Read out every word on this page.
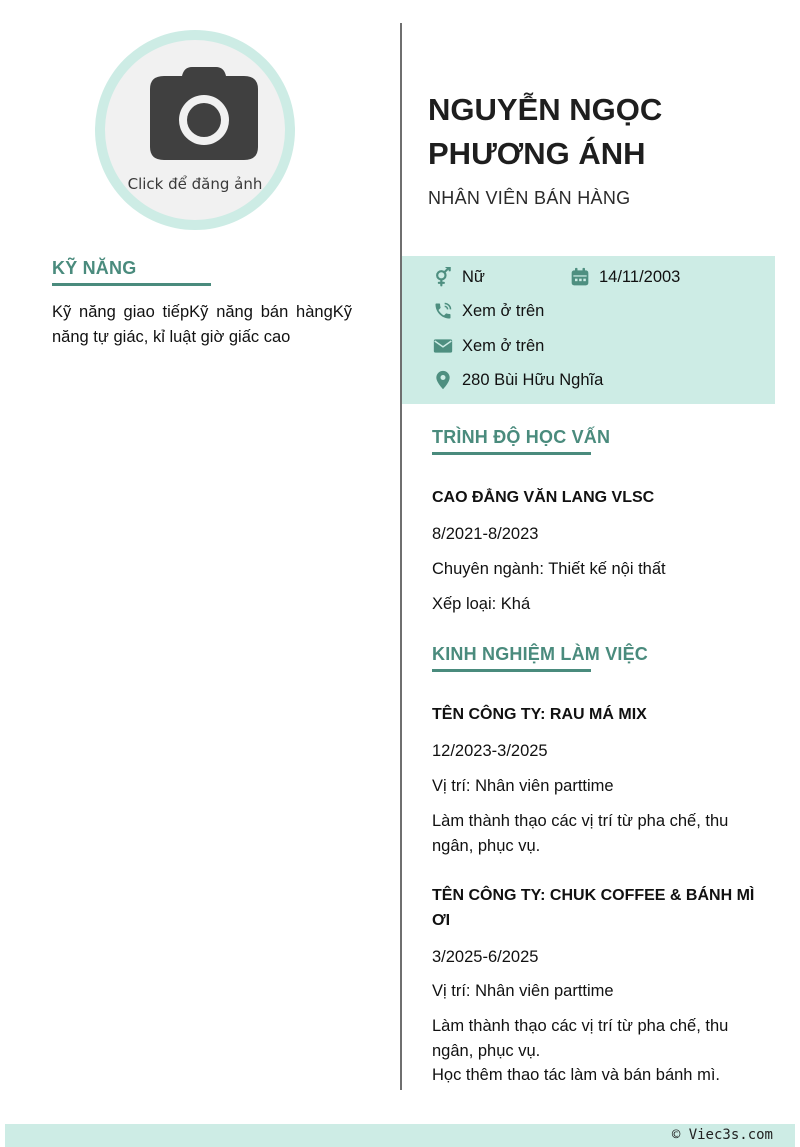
Click để đăng ảnh
KỸ NĂNG
Kỹ năng giao tiếpKỹ năng bán hàngKỹ năng tự giác, kỉ luật giờ giấc cao
NGUYỄN NGỌC PHƯƠNG ÁNH
NHÂN VIÊN BÁN HÀNG
Nữ	14/11/2003
Xem ở trên
Xem ở trên
280 Bùi Hữu Nghĩa
TRÌNH ĐỘ HỌC VẤN
CAO ĐẲNG VĂN LANG VLSC
8/2021-8/2023
Chuyên ngành: Thiết kế nội thất
Xếp loại: Khá
KINH NGHIỆM LÀM VIỆC
TÊN CÔNG TY: RAU MÁ MIX
12/2023-3/2025
Vị trí: Nhân viên parttime
Làm thành thạo các vị trí từ pha chế, thu ngân, phục vụ.
TÊN CÔNG TY: CHUK COFFEE & BÁNH MÌ ƠI
3/2025-6/2025
Vị trí: Nhân viên parttime
Làm thành thạo các vị trí từ pha chế, thu ngân, phục vụ.
Học thêm thao tác làm và bán bánh mì.
© Viec3s.com
